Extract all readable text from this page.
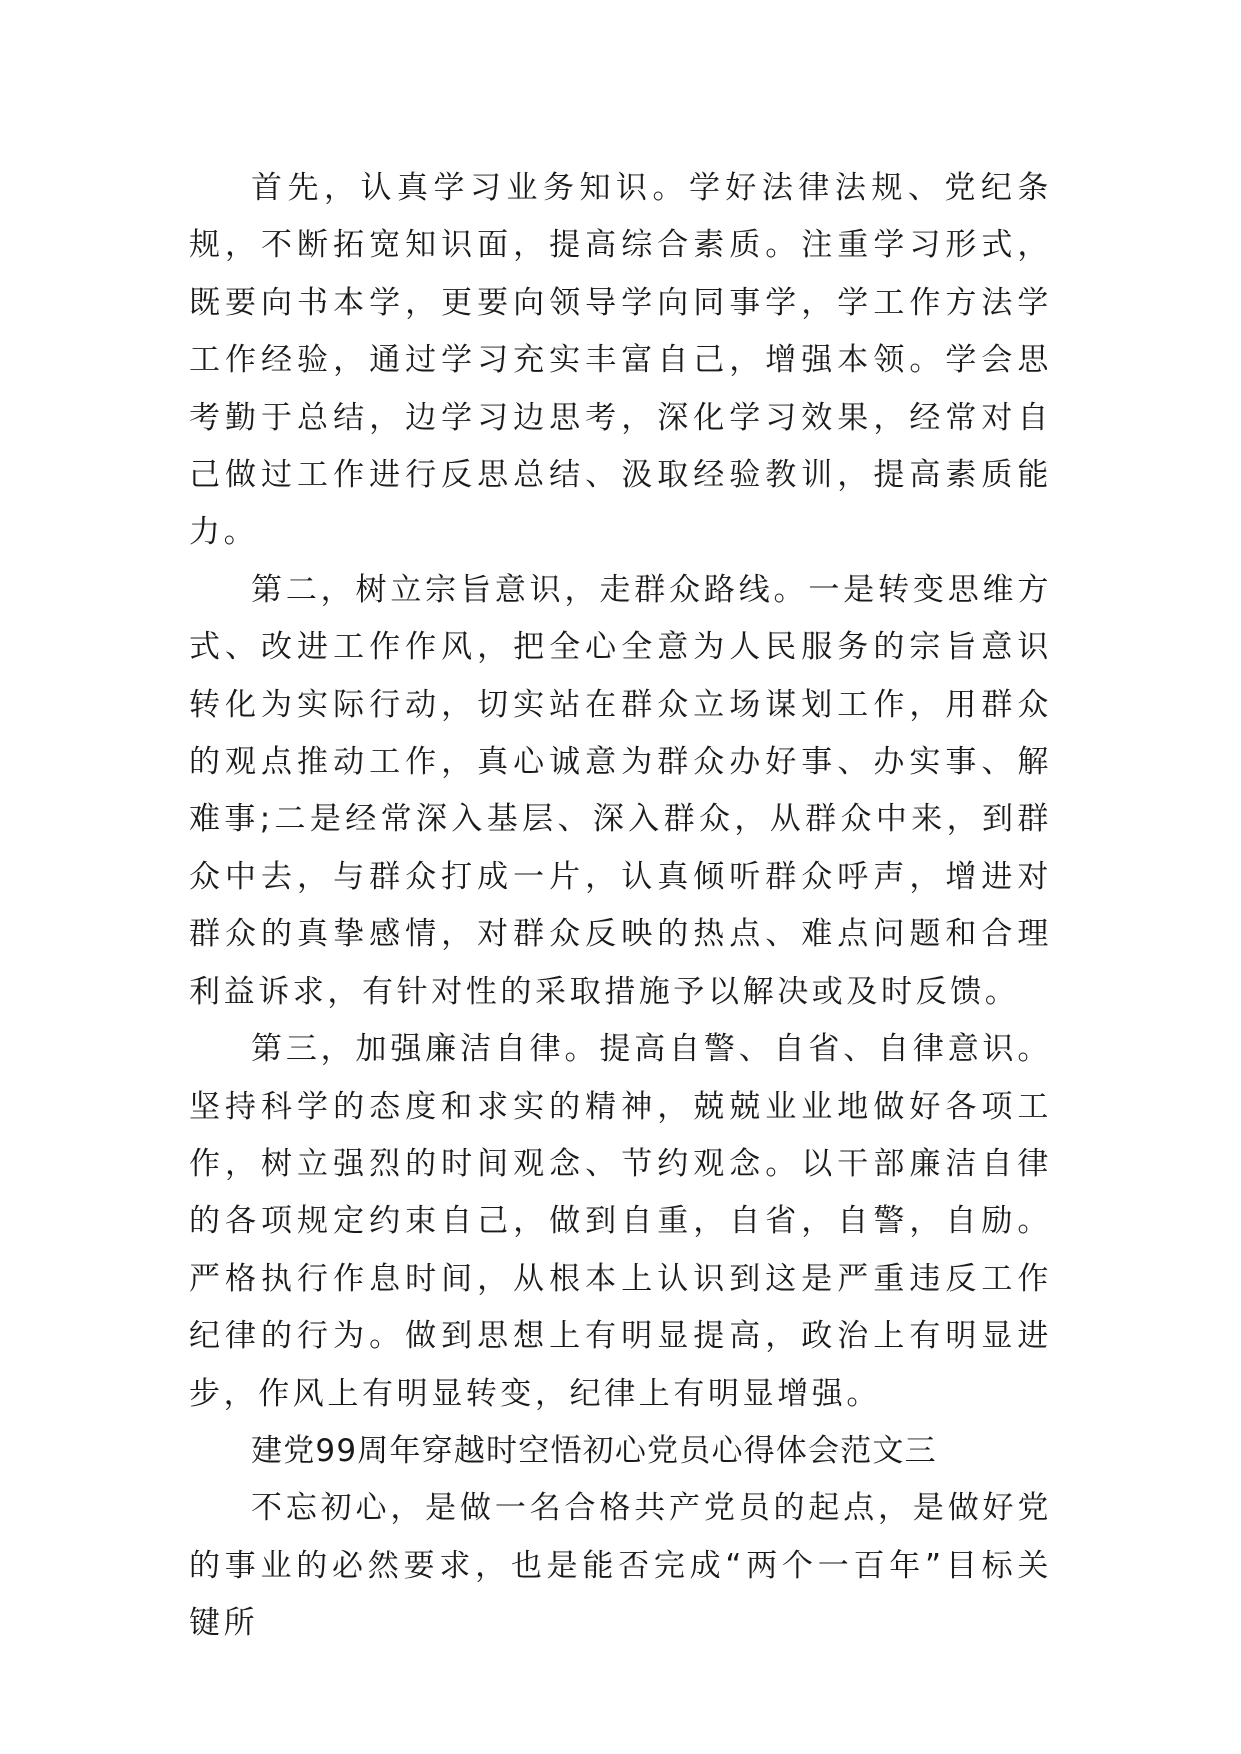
首先，认真学习业务知识。学好法律法规、党纪条规，不断拓宽知识面，提高综合素质。注重学习形式，既要向书本学，更要向领导学向同事学，学工作方法学工作经验，通过学习充实丰富自己，增强本领。学会思考勤于总结，边学习边思考，深化学习效果，经常对自己做过工作进行反思总结、汲取经验教训，提高素质能力。

第二，树立宗旨意识，走群众路线。一是转变思维方式、改进工作作风，把全心全意为人民服务的宗旨意识转化为实际行动，切实站在群众立场谋划工作，用群众的观点推动工作，真心诚意为群众办好事、办实事、解难事;二是经常深入基层、深入群众，从群众中来，到群众中去，与群众打成一片，认真倾听群众呼声，增进对群众的真挚感情，对群众反映的热点、难点问题和合理利益诉求，有针对性的采取措施予以解决或及时反馈。

第三，加强廉洁自律。提高自警、自省、自律意识。坚持科学的态度和求实的精神，兢兢业业地做好各项工作，树立强烈的时间观念、节约观念。以干部廉洁自律的各项规定约束自己，做到自重，自省，自警，自励。严格执行作息时间，从根本上认识到这是严重违反工作纪律的行为。做到思想上有明显提高，政治上有明显进步，作风上有明显转变，纪律上有明显增强。

建党99周年穿越时空悟初心党员心得体会范文三

不忘初心，是做一名合格共产党员的起点，是做好党的事业的必然要求，也是能否完成“两个一百年”目标关键所
